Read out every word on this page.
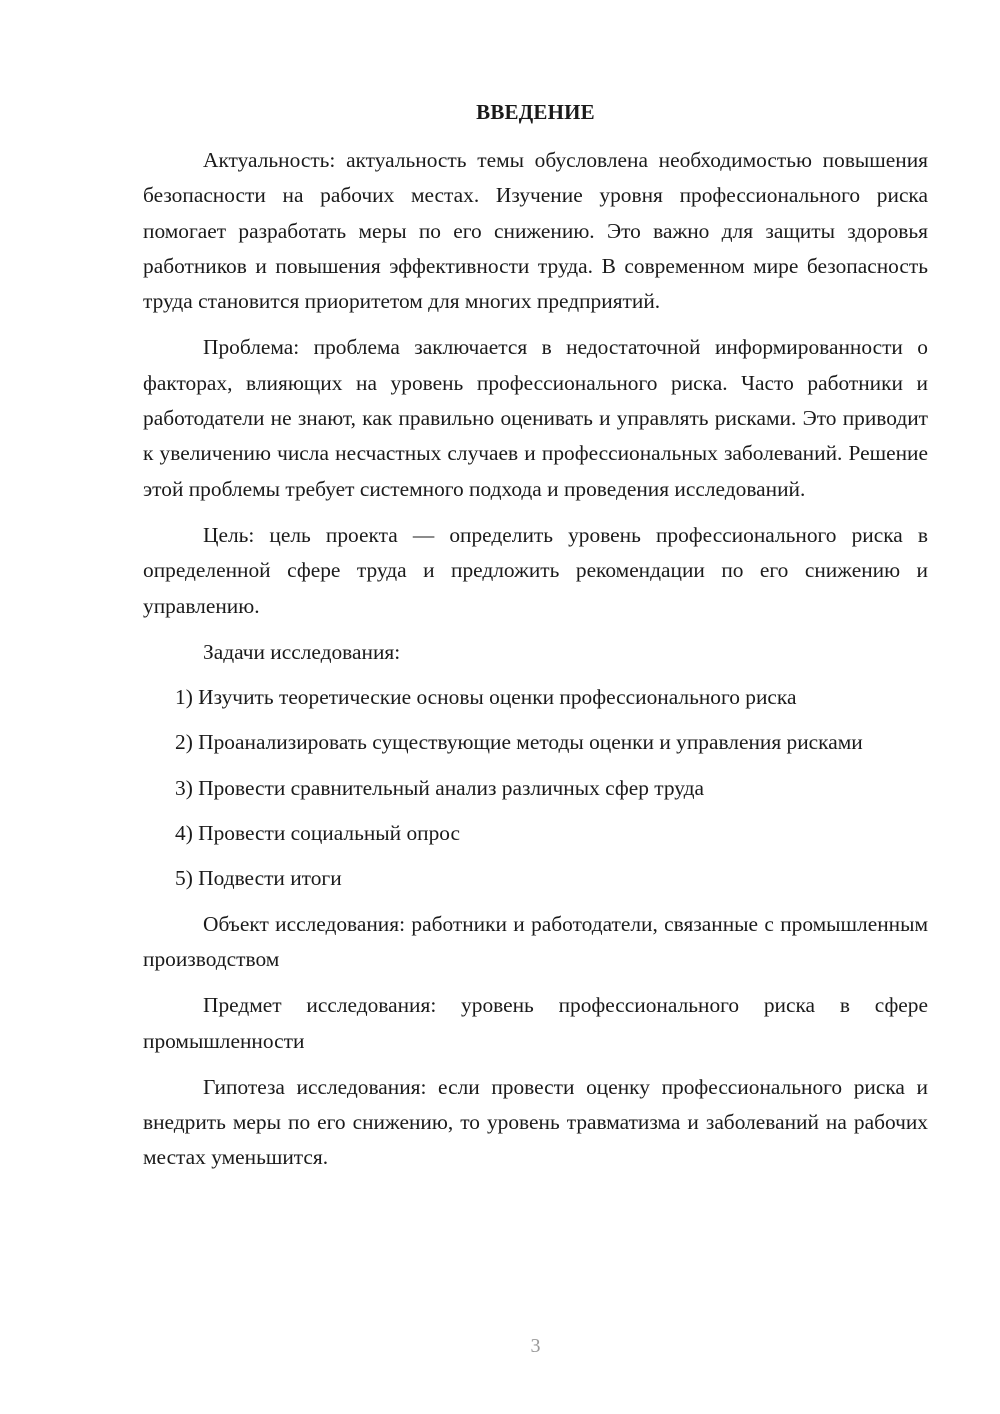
ВВЕДЕНИЕ

Актуальность: актуальность темы обусловлена необходимостью повышения безопасности на рабочих местах. Изучение уровня профессионального риска помогает разработать меры по его снижению. Это важно для защиты здоровья работников и повышения эффективности труда. В современном мире безопасность труда становится приоритетом для многих предприятий.

Проблема: проблема заключается в недостаточной информированности о факторах, влияющих на уровень профессионального риска. Часто работники и работодатели не знают, как правильно оценивать и управлять рисками. Это приводит к увеличению числа несчастных случаев и профессиональных заболеваний. Решение этой проблемы требует системного подхода и проведения исследований.

Цель: цель проекта — определить уровень профессионального риска в определенной сфере труда и предложить рекомендации по его снижению и управлению.

Задачи исследования:

1) Изучить теоретические основы оценки профессионального риска

2) Проанализировать существующие методы оценки и управления рисками

3) Провести сравнительный анализ различных сфер труда

4) Провести социальный опрос

5) Подвести итоги

Объект исследования: работники и работодатели, связанные с промышленным производством

Предмет исследования: уровень профессионального риска в сфере промышленности

Гипотеза исследования: если провести оценку профессионального риска и внедрить меры по его снижению, то уровень травматизма и заболеваний на рабочих местах уменьшится.

3
